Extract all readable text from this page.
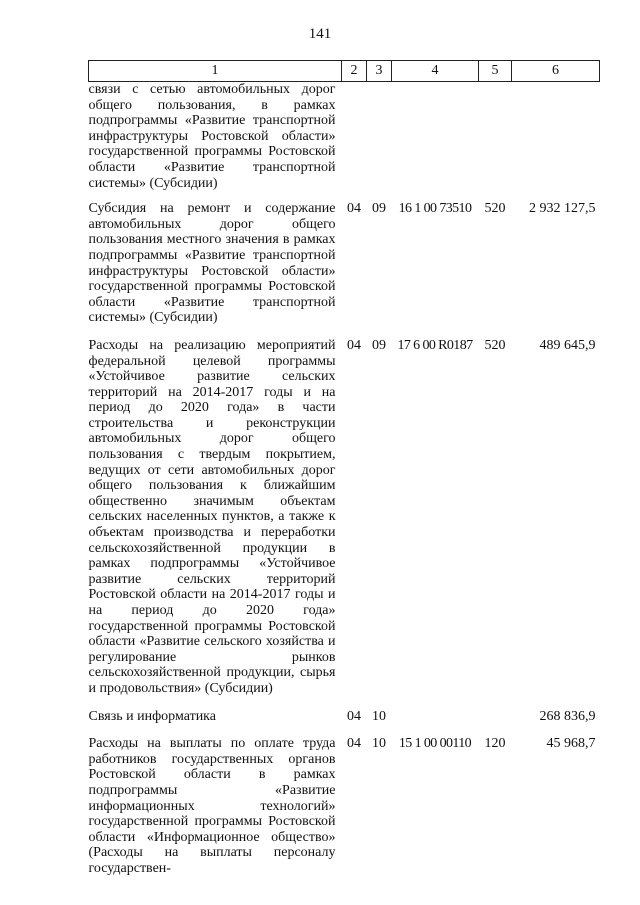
141
1	2	3	4	5	6
связи с сетью автомобильных дорог общего пользования, в рамках подпрограммы «Развитие транспортной инфраструктуры Ростовской области» государственной программы Ростовской области «Развитие транспортной системы» (Субсидии)					
Субсидия на ремонт и содержание автомобильных дорог общего пользования местного значения в рамках подпрограммы «Развитие транспортной инфраструктуры Ростовской области» государственной программы Ростовской области «Развитие транспортной системы» (Субсидии)	04	09	16 1 00 73510	520	2 932 127,5
Расходы на реализацию мероприятий федеральной целевой программы «Устойчивое развитие сельских территорий на 2014-2017 годы и на период до 2020 года» в части строительства и реконструкции автомобильных дорог общего пользования с твердым покрытием, ведущих от сети автомобильных дорог общего пользования к ближайшим общественно значимым объектам сельских населенных пунктов, а также к объектам производства и переработки сельскохозяйственной продукции в рамках подпрограммы «Устойчивое развитие сельских территорий Ростовской области на 2014-2017 годы и на период до 2020 года» государственной программы Ростовской области «Развитие сельского хозяйства и регулирование рынков сельскохозяйственной продукции, сырья и продовольствия» (Субсидии)	04	09	17 6 00 R0187	520	489 645,9
Связь и информатика	04	10			268 836,9
Расходы на выплаты по оплате труда работников государственных органов Ростовской области в рамках подпрограммы «Развитие информационных технологий» государственной программы Ростовской области «Информационное общество» (Расходы на выплаты персоналу государствен-	04	10	15 1 00 00110	120	45 968,7
